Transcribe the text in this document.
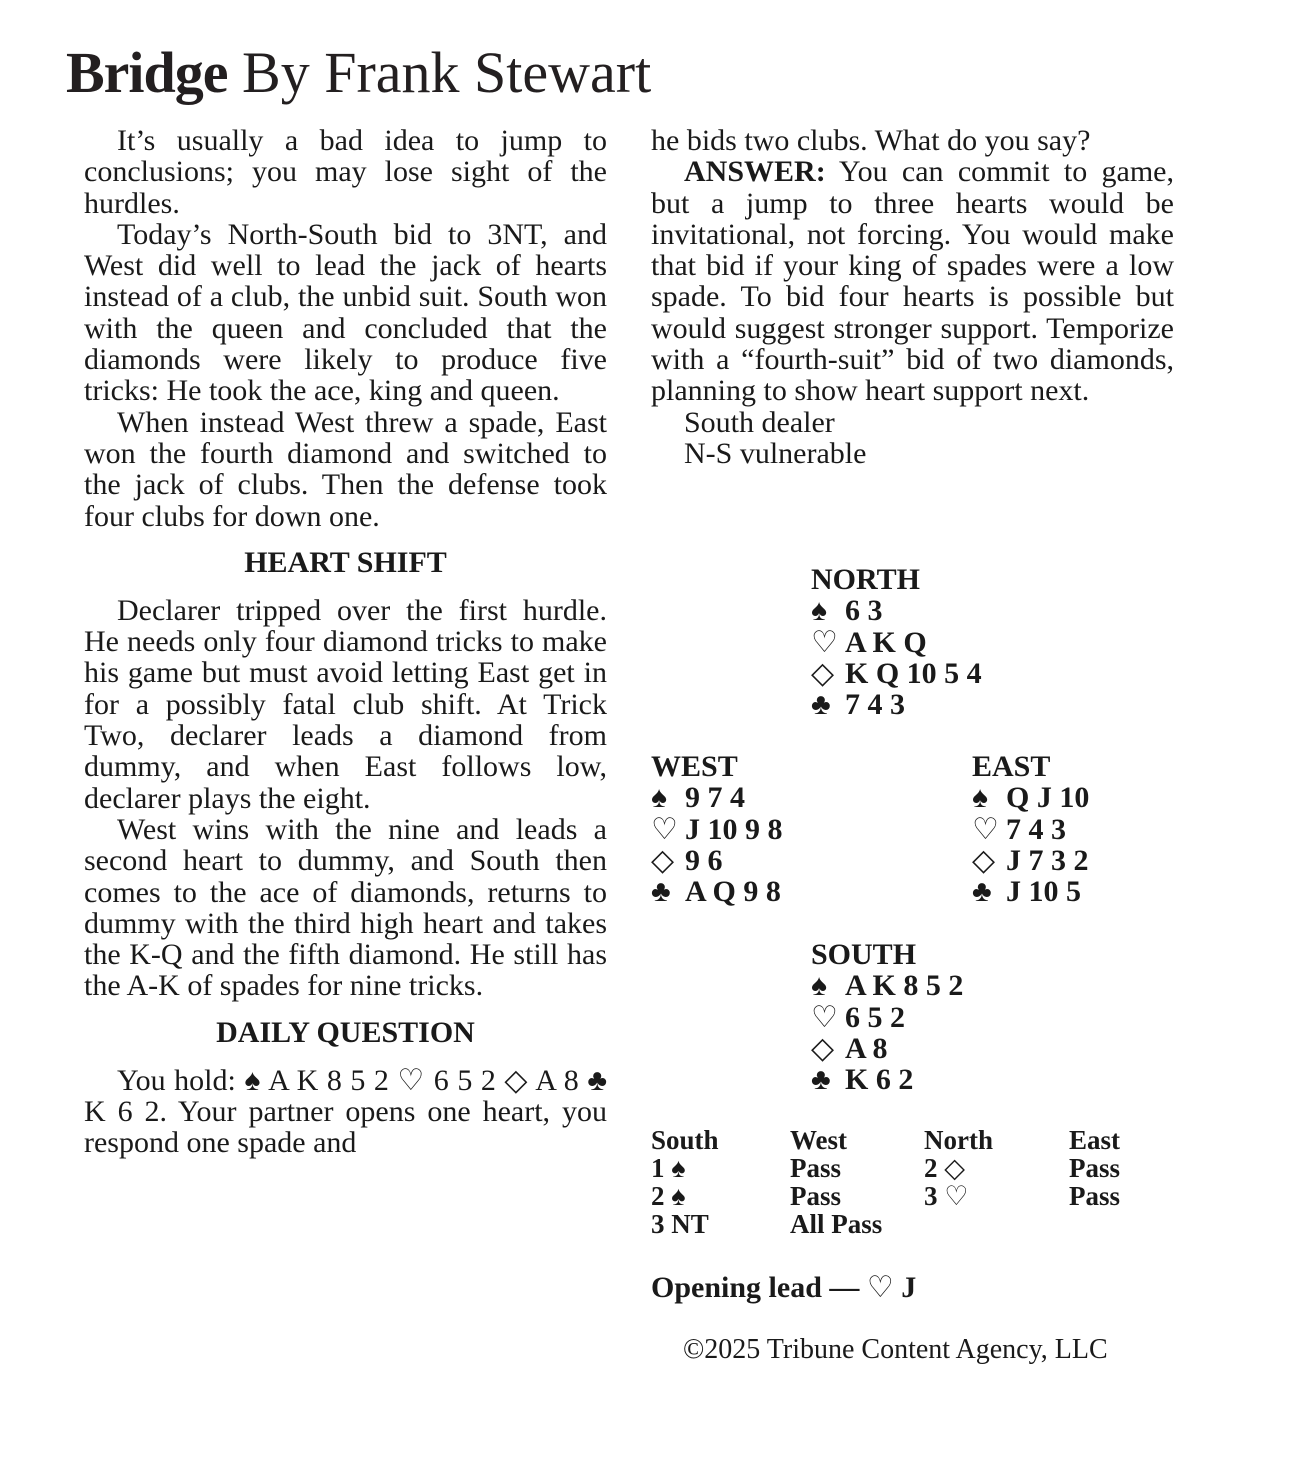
Bridge By Frank Stewart

It’s usually a bad idea to jump to conclusions; you may lose sight of the hurdles.

Today’s North-South bid to 3NT, and West did well to lead the jack of hearts instead of a club, the unbid suit. South won with the queen and concluded that the diamonds were likely to produce five tricks: He took the ace, king and queen.

When instead West threw a spade, East won the fourth diamond and switched to the jack of clubs. Then the defense took four clubs for down one.

HEART SHIFT

Declarer tripped over the first hurdle. He needs only four diamond tricks to make his game but must avoid letting East get in for a possibly fatal club shift. At Trick Two, declarer leads a diamond from dummy, and when East follows low, declarer plays the eight.

West wins with the nine and leads a second heart to dummy, and South then comes to the ace of diamonds, returns to dummy with the third high heart and takes the K-Q and the fifth diamond. He still has the A-K of spades for nine tricks.

DAILY QUESTION

You hold: ♠ A K 8 5 2 ♡ 6 5 2 ◇ A 8 ♣ K 6 2. Your partner opens one heart, you respond one spade and

he bids two clubs. What do you say?

ANSWER: You can commit to game, but a jump to three hearts would be invitational, not forcing. You would make that bid if your king of spades were a low spade. To bid four hearts is possible but would suggest stronger support. Temporize with a “fourth-suit” bid of two diamonds, planning to show heart support next.

South dealer

N-S vulnerable

NORTH
♠ 6 3
♡ A K Q
◇ K Q 10 5 4
♣ 7 4 3
WEST
♠ 9 7 4
♡ J 10 9 8
◇ 9 6
♣ A Q 9 8
EAST
♠ Q J 10
♡ 7 4 3
◇ J 7 3 2
♣ J 10 5
SOUTH
♠ A K 8 5 2
♡ 6 5 2
◇ A 8
♣ K 6 2
South	West	North	East
1 ♠	Pass	2 ◇	Pass
2 ♠	Pass	3 ♡	Pass
3 NT	All Pass		

Opening lead — ♡ J

©2025 Tribune Content Agency, LLC
